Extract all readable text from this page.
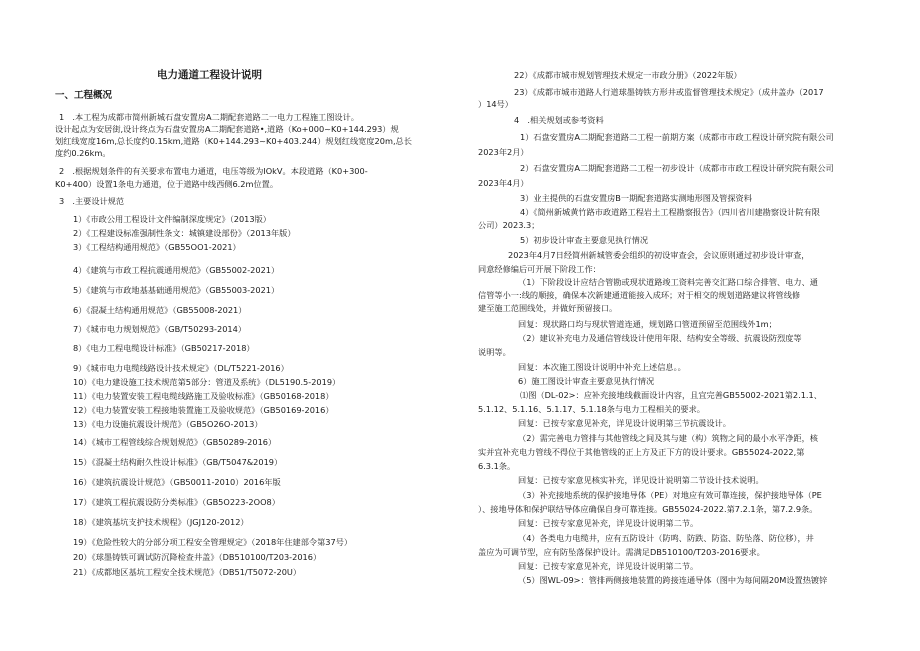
电力通道工程设计说明
一、工程概况
1　.本工程为成都市简州新城石盘安置房A二期配套道路二一电力工程施工图设计。
设计起点为安居街,设计终点为石盘安置房A二期配套道路•,道路（Ko+000~K0+144.293）规
划红线宽度16m,总长度约0.15km,道路（K0+144.293~K0+403.244）规划红线宽度20m,总长
度约0.26km。
2　.根据规划条件的有关要求布置电力通道，电压等级为IOkV。本段道路（K0+300-
K0+400）设置1条电力通道，位于道路中线西侧6.2m位置。
3　.主要设计规范
1）《市政公用工程设计文件编制深度规定》（2013版）
2）《工程建设标准强制性条文：城镇建设部份》（2013年版）
3）《工程结构通用规范》（GB55OO1-2021）
4）《建筑与市政工程抗震通用规范》（GB55002-2021）
5）《建筑与市政地基基础通用规范》（GB55003-2021）
6）《混凝土结构通用规范》（GB55008-2021）
7）《城市电力规划规范》（GB/T50293-2014）
8）《电力工程电缆设计标准》（GB50217-2018）
9）《城市电力电缆线路设计技术规定》（DL/T5221-2016）
10）《电力建设施工技术规范第5部分：管道及系统》（DL5190.5-2019）
11）《电力装置安装工程电缆线路施工及验收标准》（GB50168-2018）
12）《电力装置安装工程接地装置施工及验收规范》（GB50169-2016）
13）《电力设施抗震设计规范》（GB5O26O-2013）
14）《城市工程管线综合规划规范》（GB50289-2016）
15）《混凝土结构耐久性设计标准》（GB/T5047&2019）
16）《建筑抗震设计规范》（GB50011-2010）2016年版
17）《建筑工程抗震设防分类标准》（GB5O223-2OO8）
18）《建筑基坑支护技术规程》（JGJ120-2012）
19）《危险性较大的分部分项工程安全管理规定》（2018年住建部令第37号）
20）《球墨铸铁可调试防沉降检查井盖》（DB510100/T203-2016）
21）《成都地区基坑工程安全技术规范》（DB51/T5072-20U）
22）《成都市城市规划管理技术规定一市政分册》（2022年版）
23）《成都市城市道路人行道球墨铸铁方形井或监督管理技术规定》（成井盖办（2017
）14号）
4　.相关规划或参考资料
1）石盘安置房A二期配套道路二工程一前期方案（成都市市政工程设计研究院有限公司
2023年2月）
2）石盘安置房A二期配套道路二工程一初步设计（成都市市政工程设计研究院有限公司
2023年4月）
3）业主提供的石盘安置房B一期配套道路实测地形图及管探资料
4）《简州新城黄竹路市政道路工程岩土工程勘察报告》（四川省川建勘察设计院有限
公司）2023.3；
5）初步设计审查主要意见执行情况
2023年4月7日经简州新城管委会组织的初设审查会，会议原则通过初步设计审查，
同意经修编后可开展下阶段工作：
（1）下阶段设计应结合管勘或现状道路竣工资料完善交汇路口综合排管、电力、通
信管等小一:线的顺接，确保本次新建通道能接入成环；对于相交的规划道路建议将管线修
建至施工范围线处，并做好预留接口。
回复：现状路口均与现状管道连通，规划路口管道预留至范围线外1m；
（2）建议补充电力及通信管线设计使用年限、结构安全等级、抗震设防烈度等
说明等。
回复：本次施工图设计说明中补充上述信息。。
6）施工图设计审查主要意见执行情况
⑴图（DL-02>：应补充接地线截面设计内容，且宜完善GB55002-2021第2.1.1、
5.1.12、5.1.16、5.1.17、5.1.18条与电力工程相关的要求。
回复：已按专家意见补充，详见设计说明第三节抗震设计。
（2）需完善电力管排与其他管线之间及其与建（构）筑物之间的最小水平净距，核
实并宜补充电力管线不得位于其他管线的正上方及正下方的设计要求。GB55024-2022,第
6.3.1条。
回复：已按专家意见核实补充，详见设计说明第二节设计技术说明。
（3）补充接地系统的保护接地导体（PE）对地应有效可靠连接，保护接地导体（PE
）、接地导体和保护联结导体应确保自身可靠连接。GB55024-2022.第7.2.1条，第7.2.9条。
回复：已按专家意见补充，详见设计说明第二节。
（4）各类电力电缆井，应有五防设计（防鸣、防跌、防盗、防坠落、防位移），井
盖应为可调节型，应有防坠落保护设计。需满足DB510100/T203-2016要求。
回复：已按专家意见补充，详见设计说明第二节。
（5）图WL-09>：管排两侧接地装置的跨接连通导体（图中为每间隔20M设置热镀锌
